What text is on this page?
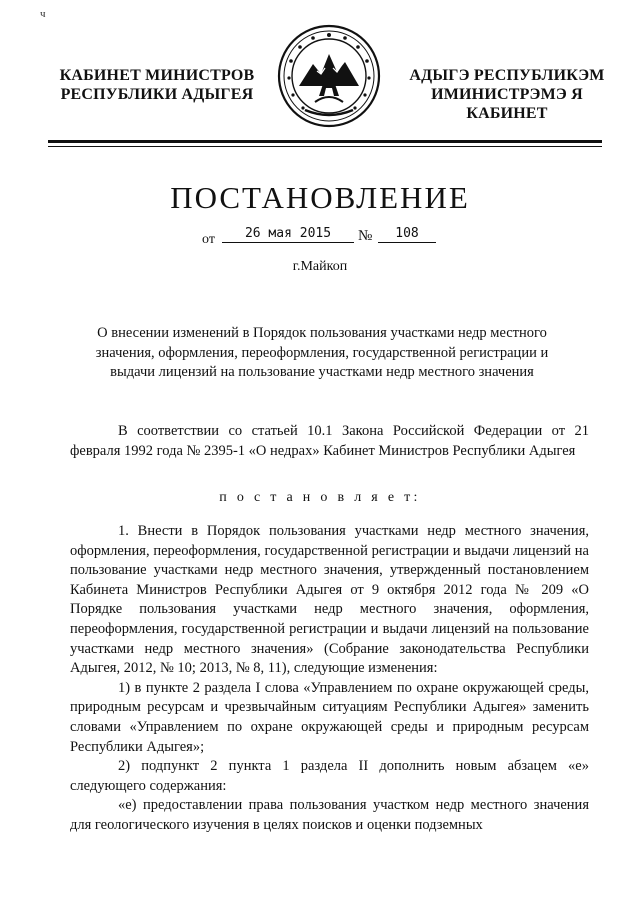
ч
КАБИНЕТ МИНИСТРОВ
РЕСПУБЛИКИ АДЫГЕЯ
АДЫГЭ РЕСПУБЛИКЭМ
ИМИНИСТРЭМЭ Я КАБИНЕТ
ПОСТАНОВЛЕНИЕ
от	26 мая 2015	№	108
г.Майкоп
О внесении изменений в Порядок пользования участками недр местного
значения, оформления, переоформления, государственной регистрации и
выдачи лицензий на пользование участками недр местного значения

В соответствии со статьей 10.1 Закона Российской Федерации от 21 февраля 1992 года № 2395-1 «О недрах» Кабинет Министров Республики Адыгея

п о с т а н о в л я е т:

1. Внести в Порядок пользования участками недр местного значения, оформления, переоформления, государственной регистрации и выдачи лицензий на пользование участками недр местного значения, утвержденный постановлением Кабинета Министров Республики Адыгея от 9 октября 2012 года № 209 «О Порядке пользования участками недр местного значения, оформления, переоформления, государственной регистрации и выдачи лицензий на пользование участками недр местного значения» (Собрание законодательства Республики Адыгея, 2012, № 10; 2013, № 8, 11), следующие изменения:

1) в пункте 2 раздела I слова «Управлением по охране окружающей среды, природным ресурсам и чрезвычайным ситуациям Республики Адыгея» заменить словами «Управлением по охране окружающей среды и природным ресурсам Республики Адыгея»;

2) подпункт 2 пункта 1 раздела II дополнить новым абзацем «е» следующего содержания:

«е) предоставлении права пользования участком недр местного значения для геологического изучения в целях поисков и оценки подземных
